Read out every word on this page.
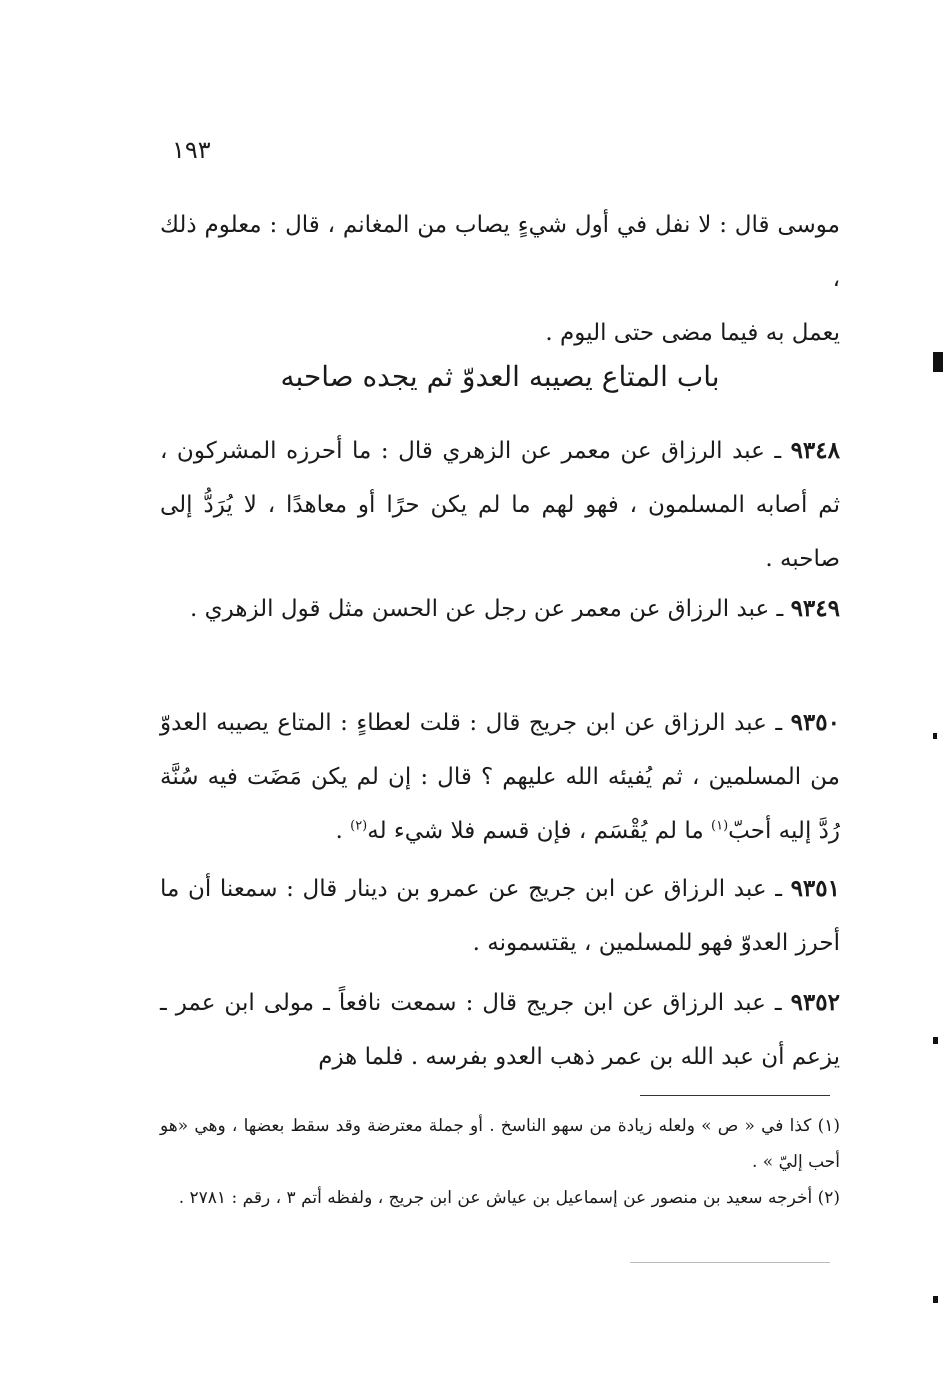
١٩٣

موسى قال : لا نفل في أول شيءٍ يصاب من المغانم ، قال : معلوم ذلك ،

يعمل به فيما مضى حتى اليوم .

باب المتاع يصيبه العدوّ ثم يجده صاحبه

٩٣٤٨ ـ عبد الرزاق عن معمر عن الزهري قال : ما أحرزه المشركون ، ثم أصابه المسلمون ، فهو لهم ما لم يكن حرًا أو معاهدًا ، لا يُرَدُّ إلى صاحبه .

٩٣٤٩ ـ عبد الرزاق عن معمر عن رجل عن الحسن مثل قول الزهري .

٩٣٥٠ ـ عبد الرزاق عن ابن جريج قال : قلت لعطاءٍ : المتاع يصيبه العدوّ من المسلمين ، ثم يُفيئه الله عليهم ؟ قال : إن لم يكن مَضَت فيه سُنَّة رُدَّ إليه أحبّ$^{(١)}$ ما لم يُقْسَم ، فإن قسم فلا شيء له$^{(٢)}$ .

٩٣٥١ ـ عبد الرزاق عن ابن جريج عن عمرو بن دينار قال : سمعنا أن ما أحرز العدوّ فهو للمسلمين ، يقتسمونه .

٩٣٥٢ ـ عبد الرزاق عن ابن جريج قال : سمعت نافعاً ـ مولى ابن عمر ـ يزعم أن عبد الله بن عمر ذهب العدو بفرسه . فلما هزم

(١) كذا في « ص » ولعله زيادة من سهو الناسخ . أو جملة معترضة وقد سقط بعضها ، وهي «هو أحب إليّ » .

(٢) أخرجه سعيد بن منصور عن إسماعيل بن عياش عن ابن جريج ، ولفظه أتم ٣ ، رقم : ٢٧٨١ .
